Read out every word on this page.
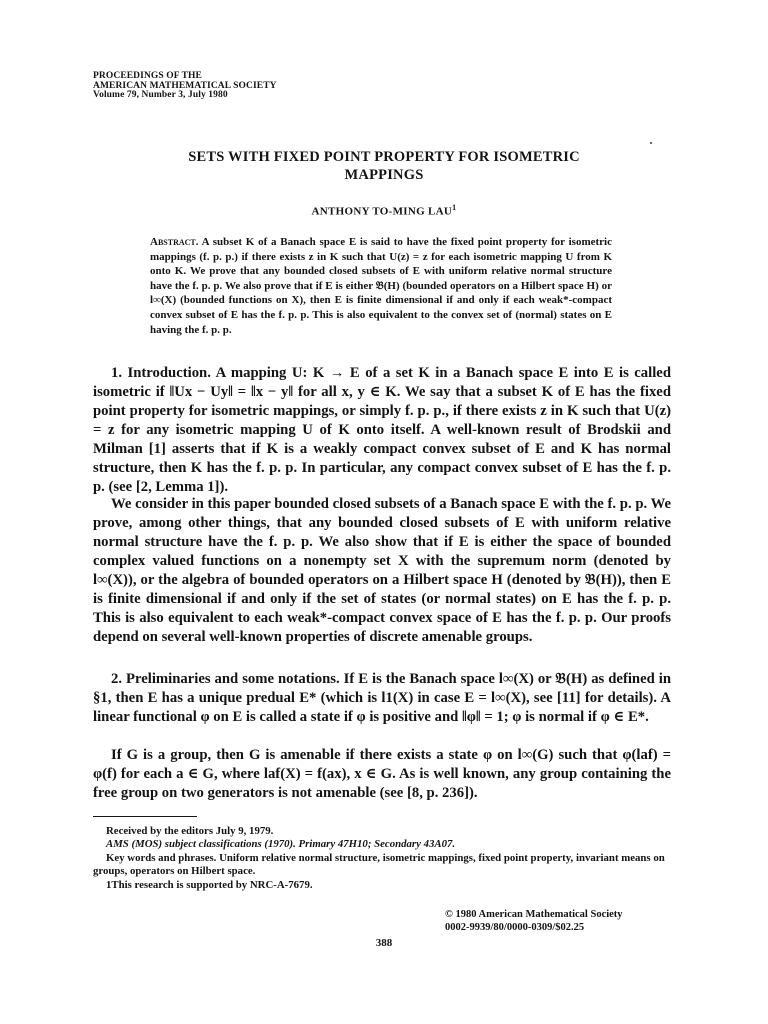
PROCEEDINGS OF THE
AMERICAN MATHEMATICAL SOCIETY
Volume 79, Number 3, July 1980
SETS WITH FIXED POINT PROPERTY FOR ISOMETRIC
MAPPINGS
ANTHONY TO-MING LAU$^1$
Abstract. A subset K of a Banach space E is said to have the fixed point property for isometric mappings (f. p. p.) if there exists z in K such that U(z) = z for each isometric mapping U from K onto K. We prove that any bounded closed subsets of E with uniform relative normal structure have the f. p. p. We also prove that if E is either 𝔅(H) (bounded operators on a Hilbert space H) or l∞(X) (bounded functions on X), then E is finite dimensional if and only if each weak*-compact convex subset of E has the f. p. p. This is also equivalent to the convex set of (normal) states on E having the f. p. p.
1. Introduction. A mapping U: K → E of a set K in a Banach space E into E is called isometric if ‖Ux − Uy‖ = ‖x − y‖ for all x, y ∈ K. We say that a subset K of E has the fixed point property for isometric mappings, or simply f. p. p., if there exists z in K such that U(z) = z for any isometric mapping U of K onto itself. A well-known result of Brodskii and Milman [1] asserts that if K is a weakly compact convex subset of E and K has normal structure, then K has the f. p. p. In particular, any compact convex subset of E has the f. p. p. (see [2, Lemma 1]).
We consider in this paper bounded closed subsets of a Banach space E with the f. p. p. We prove, among other things, that any bounded closed subsets of E with uniform relative normal structure have the f. p. p. We also show that if E is either the space of bounded complex valued functions on a nonempty set X with the supremum norm (denoted by l∞(X)), or the algebra of bounded operators on a Hilbert space H (denoted by 𝔅(H)), then E is finite dimensional if and only if the set of states (or normal states) on E has the f. p. p. This is also equivalent to each weak*-compact convex space of E has the f. p. p. Our proofs depend on several well-known properties of discrete amenable groups.
2. Preliminaries and some notations. If E is the Banach space l∞(X) or 𝔅(H) as defined in §1, then E has a unique predual E* (which is l1(X) in case E = l∞(X), see [11] for details). A linear functional φ on E is called a state if φ is positive and ‖φ‖ = 1; φ is normal if φ ∈ E*.
If G is a group, then G is amenable if there exists a state φ on l∞(G) such that φ(laf) = φ(f) for each a ∈ G, where laf(X) = f(ax), x ∈ G. As is well known, any group containing the free group on two generators is not amenable (see [8, p. 236]).
Received by the editors July 9, 1979.
AMS (MOS) subject classifications (1970). Primary 47H10; Secondary 43A07.
Key words and phrases. Uniform relative normal structure, isometric mappings, fixed point property, invariant means on groups, operators on Hilbert space.
1This research is supported by NRC-A-7679.
© 1980 American Mathematical Society
0002-9939/80/0000-0309/$02.25
388
